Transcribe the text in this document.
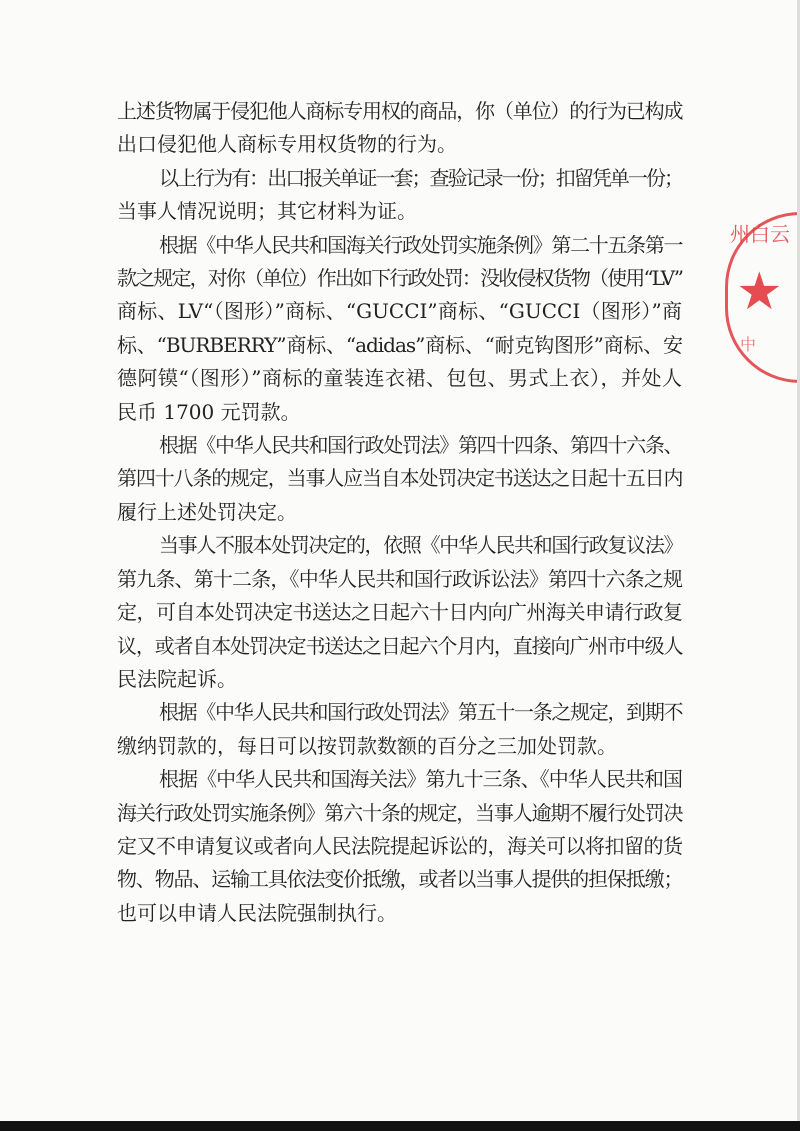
上述货物属于侵犯他人商标专用权的商品，你（单位）的行为已构成
出口侵犯他人商标专用权货物的行为。
以上行为有：出口报关单证一套；查验记录一份；扣留凭单一份；
当事人情况说明；其它材料为证。
根据《中华人民共和国海关行政处罚实施条例》第二十五条第一
款之规定，对你（单位）作出如下行政处罚：没收侵权货物（使用“LV”
商标、LV“（图形）”商标、“GUCCI”商标、“GUCCI（图形）”商
标、“BURBERRY”商标、“adidas”商标、“耐克钩图形”商标、安
德阿镆“（图形）”商标的童装连衣裙、包包、男式上衣），并处人
民币 1700 元罚款。
根据《中华人民共和国行政处罚法》第四十四条、第四十六条、
第四十八条的规定，当事人应当自本处罚决定书送达之日起十五日内
履行上述处罚决定。
当事人不服本处罚决定的，依照《中华人民共和国行政复议法》
第九条、第十二条，《中华人民共和国行政诉讼法》第四十六条之规
定，可自本处罚决定书送达之日起六十日内向广州海关申请行政复
议，或者自本处罚决定书送达之日起六个月内，直接向广州市中级人
民法院起诉。
根据《中华人民共和国行政处罚法》第五十一条之规定，到期不
缴纳罚款的，每日可以按罚款数额的百分之三加处罚款。
根据《中华人民共和国海关法》第九十三条、《中华人民共和国
海关行政处罚实施条例》第六十条的规定，当事人逾期不履行处罚决
定又不申请复议或者向人民法院提起诉讼的，海关可以将扣留的货
物、物品、运输工具依法变价抵缴，或者以当事人提供的担保抵缴；
也可以申请人民法院强制执行。
州白云
★
中
